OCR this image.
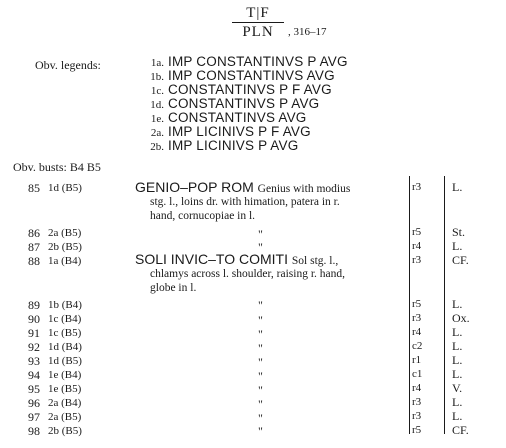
T|F
PLN	, 316–17
Obv. legends:	1a. IMP CONSTANTINVS P AVG
1b. IMP CONSTANTINVS AVG
1c. CONSTANTINVS P F AVG
1d. CONSTANTINVS P AVG
1e. CONSTANTINVS AVG
2a. IMP LICINIVS P F AVG
2b. IMP LICINIVS P AVG
Obv. busts: B4 B5
85 1d (B5)	GENIO–POP ROM Genius with modius
stg. l., loins dr. with himation, patera in r.
hand, cornucopiae in l.
r3	L.
86 2a (B5)	"	r5	St.
87 2b (B5)	"	r4	L.
88 1a (B4)	SOLI INVIC–TO COMITI Sol stg. l.,
chlamys across l. shoulder, raising r. hand,
globe in l.
r3	CF.
89 1b (B4)	"	r5	L.
90 1c (B4)	"	r3	Ox.
91 1c (B5)	"	r4	L.
92 1d (B4)	"	c2 L.
93 1d (B5)	"	r1	L.
94 1e (B4)	"	c1 L.
95 1e (B5)	"	r4	V.
96 2a (B4)	"	r3	L.
97 2a (B5)	"	r3	L.
98 2b (B5)	"	r5	CF.
